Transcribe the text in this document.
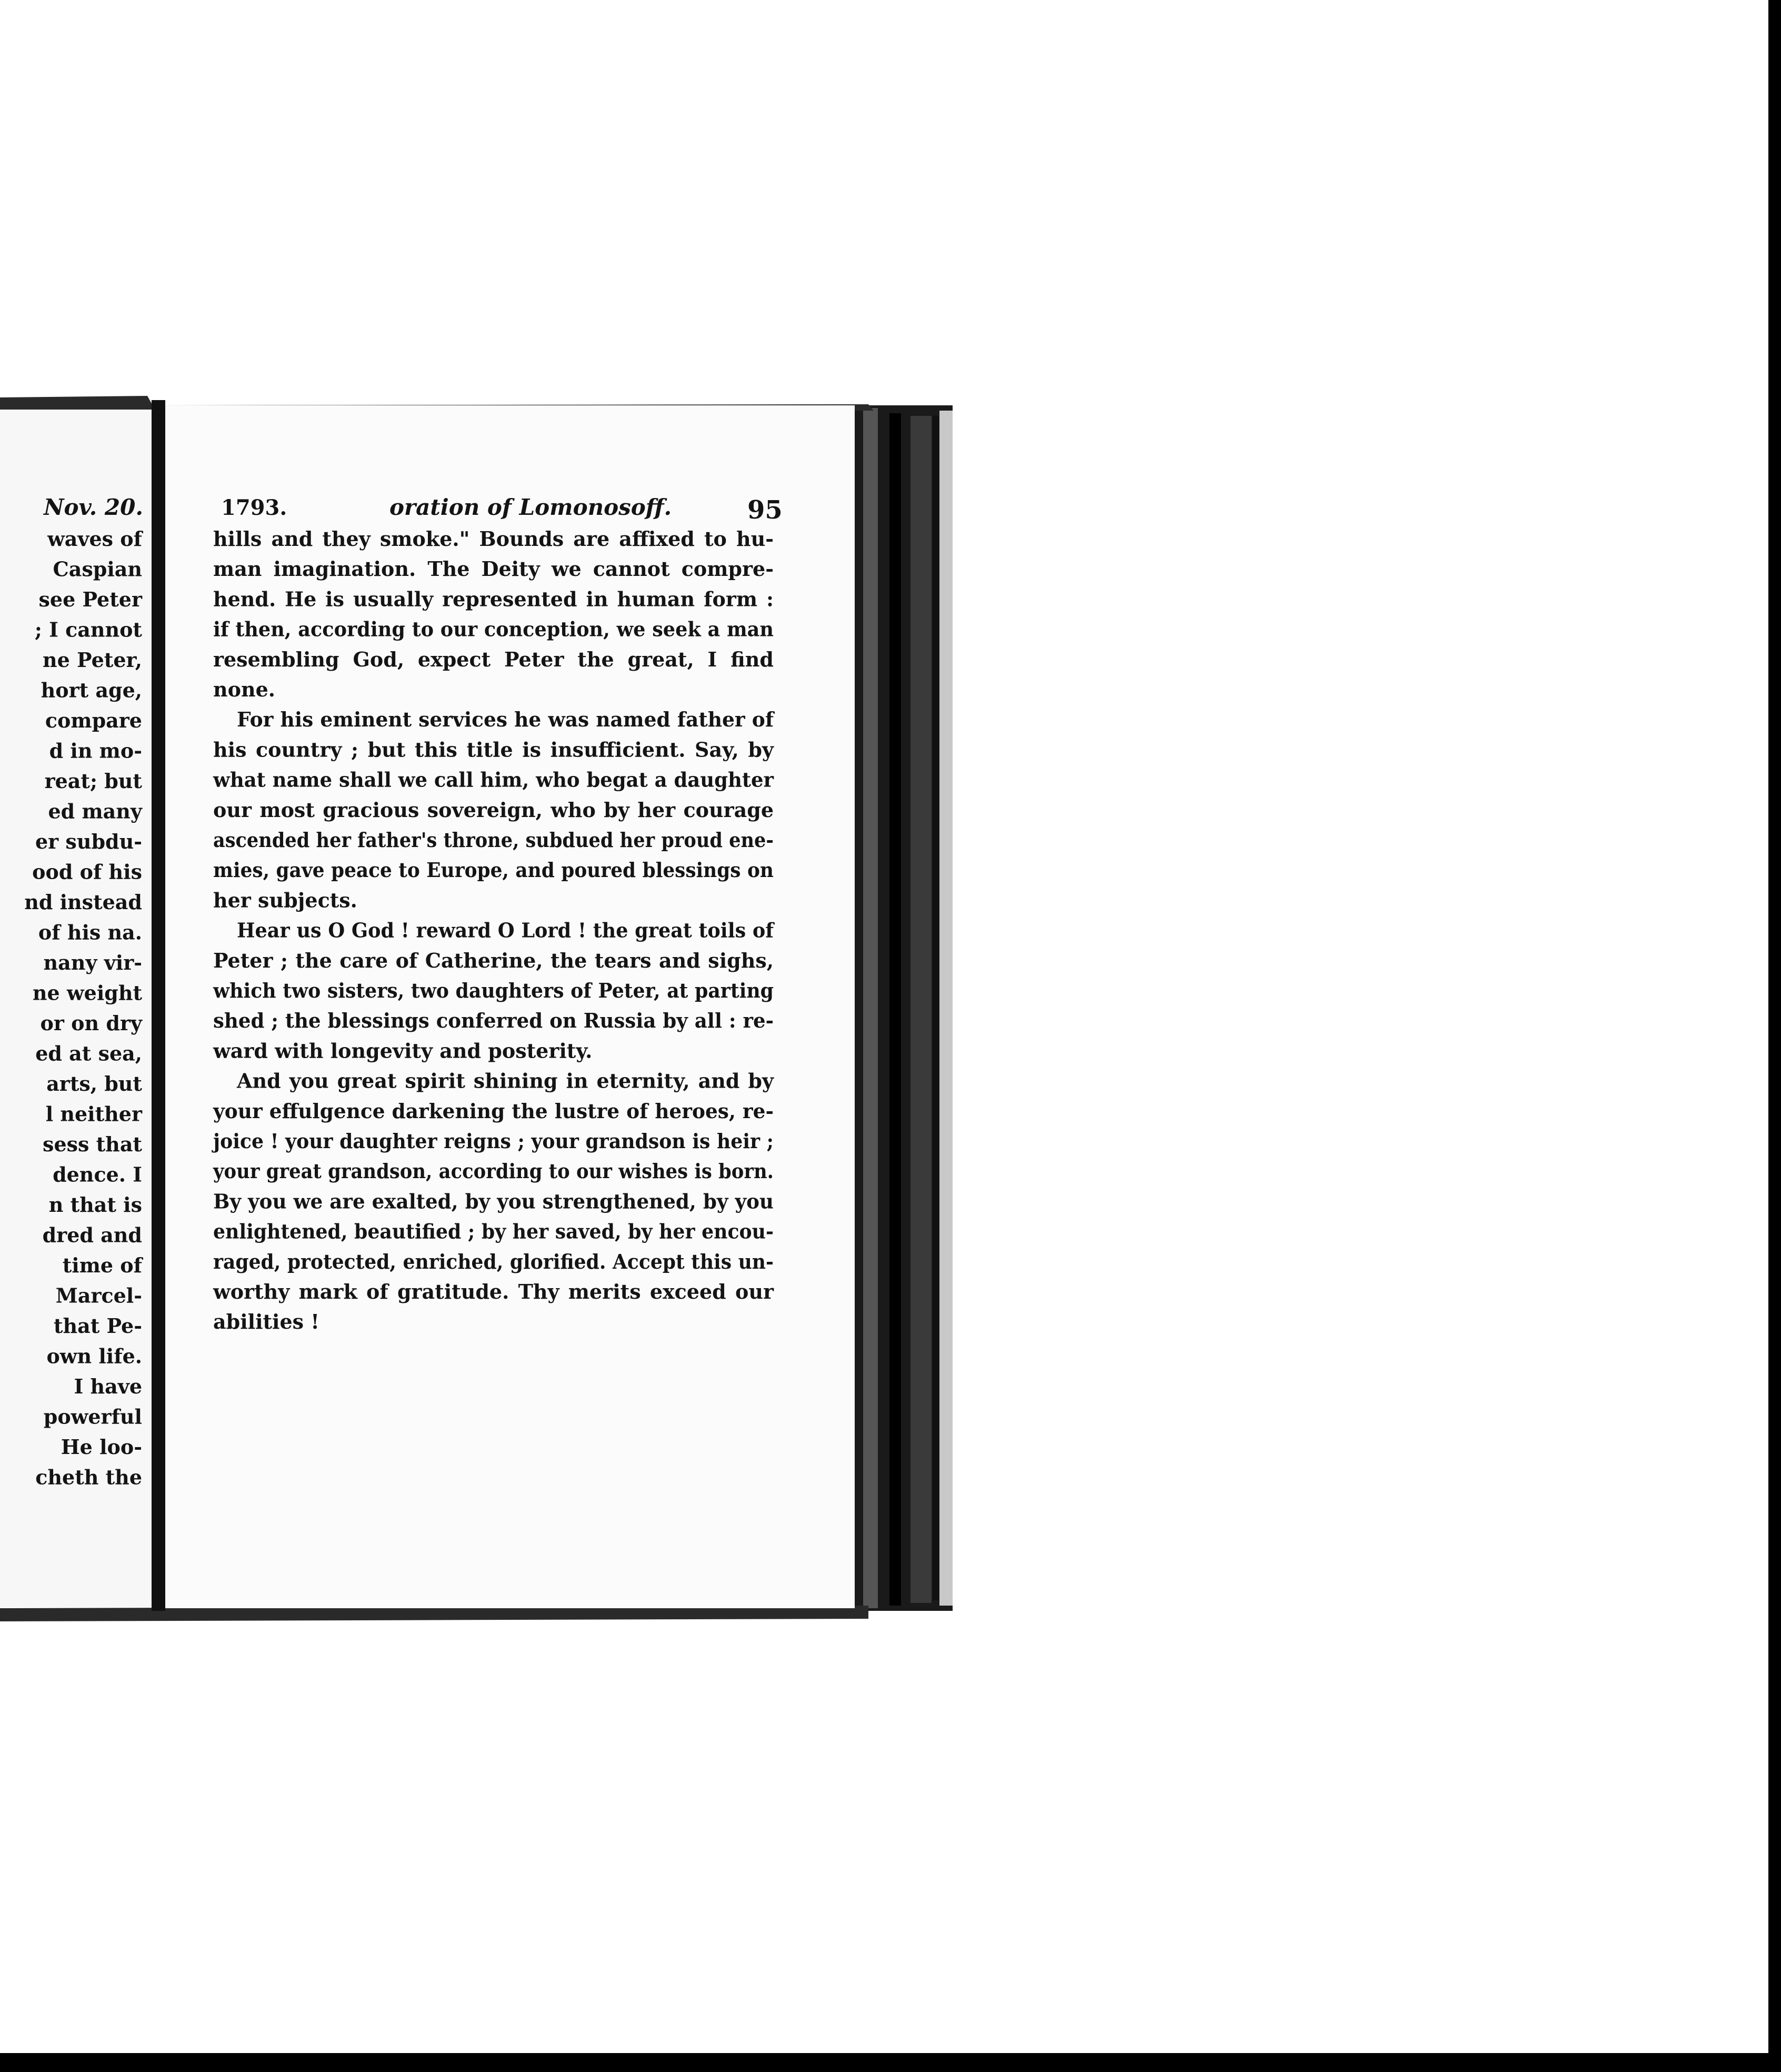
Nov. 20.
waves of
Caspian
see Peter
; I cannot
ne Peter,
hort age,
compare
d in mo-
reat; but
ed many
er subdu-
ood of his
nd instead
of his na.
nany vir-
ne weight
or on dry
ed at sea,
arts, but
l neither
sess that
dence. I
n that is
dred and
time of
Marcel-
that Pe-
own life.
I have
powerful
He loo-
cheth the
1793.	oration of Lomonosoff.	95
hills and they smoke." Bounds are affixed to hu-
man imagination. The Deity we cannot compre-
hend. He is usually represented in human form :
if then, according to our conception, we seek a man
resembling God, expect Peter the great, I find
none.
For his eminent services he was named father of
his country ; but this title is insufficient. Say, by
what name shall we call him, who begat a daughter
our most gracious sovereign, who by her courage
ascended her father's throne, subdued her proud ene-
mies, gave peace to Europe, and poured blessings on
her subjects.
Hear us O God ! reward O Lord ! the great toils of
Peter ; the care of Catherine, the tears and sighs,
which two sisters, two daughters of Peter, at parting
shed ; the blessings conferred on Russia by all : re-
ward with longevity and posterity.
And you great spirit shining in eternity, and by
your effulgence darkening the lustre of heroes, re-
joice ! your daughter reigns ; your grandson is heir ;
your great grandson, according to our wishes is born.
By you we are exalted, by you strengthened, by you
enlightened, beautified ; by her saved, by her encou-
raged, protected, enriched, glorified. Accept this un-
worthy mark of gratitude. Thy merits exceed our
abilities !
